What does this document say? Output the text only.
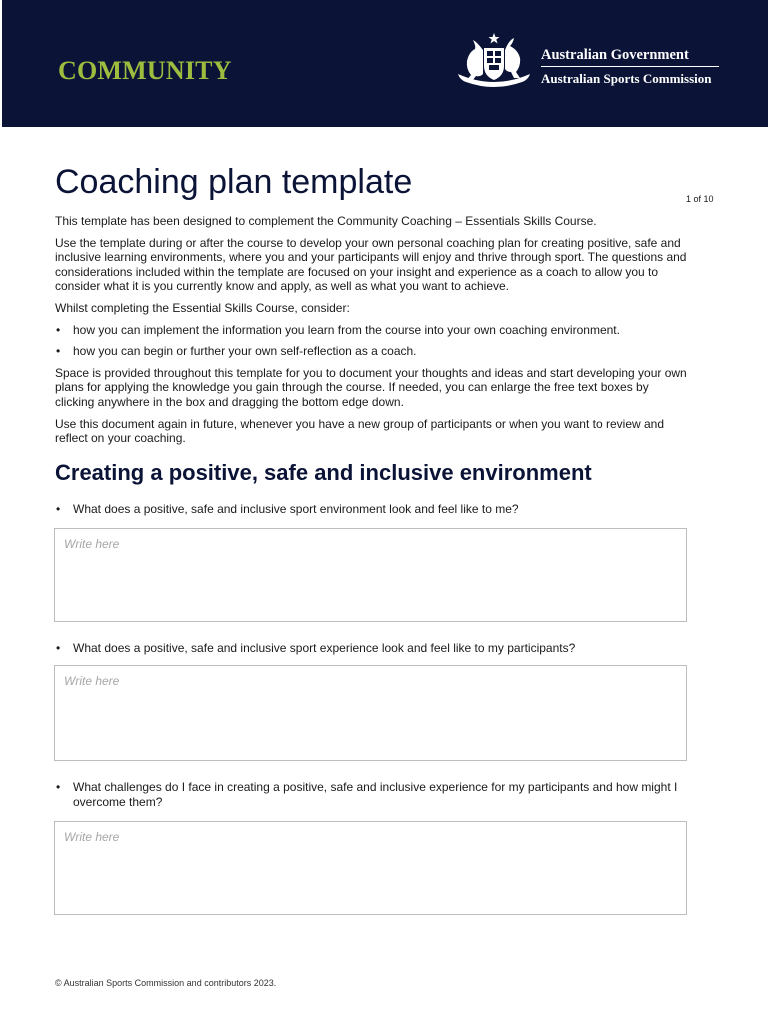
COMMUNITY
Australian Government
Australian Sports Commission
Coaching plan template	1 of 10

This template has been designed to complement the Community Coaching – Essentials Skills Course.

Use the template during or after the course to develop your own personal coaching plan for creating positive, safe and inclusive learning environments, where you and your participants will enjoy and thrive through sport. The questions and considerations included within the template are focused on your insight and experience as a coach to allow you to consider what it is you currently know and apply, as well as what you want to achieve.

Whilst completing the Essential Skills Course, consider:

• how you can implement the information you learn from the course into your own coaching environment.
• how you can begin or further your own self-reflection as a coach.

Space is provided throughout this template for you to document your thoughts and ideas and start developing your own plans for applying the knowledge you gain through the course. If needed, you can enlarge the free text boxes by clicking anywhere in the box and dragging the bottom edge down.

Use this document again in future, whenever you have a new group of participants or when you want to review and reflect on your coaching.

Creating a positive, safe and inclusive environment
• What does a positive, safe and inclusive sport environment look and feel like to me?
Write here
• What does a positive, safe and inclusive sport experience look and feel like to my participants?
Write here
• What challenges do I face in creating a positive, safe and inclusive experience for my participants and how might I overcome them?
Write here
© Australian Sports Commission and contributors 2023.
